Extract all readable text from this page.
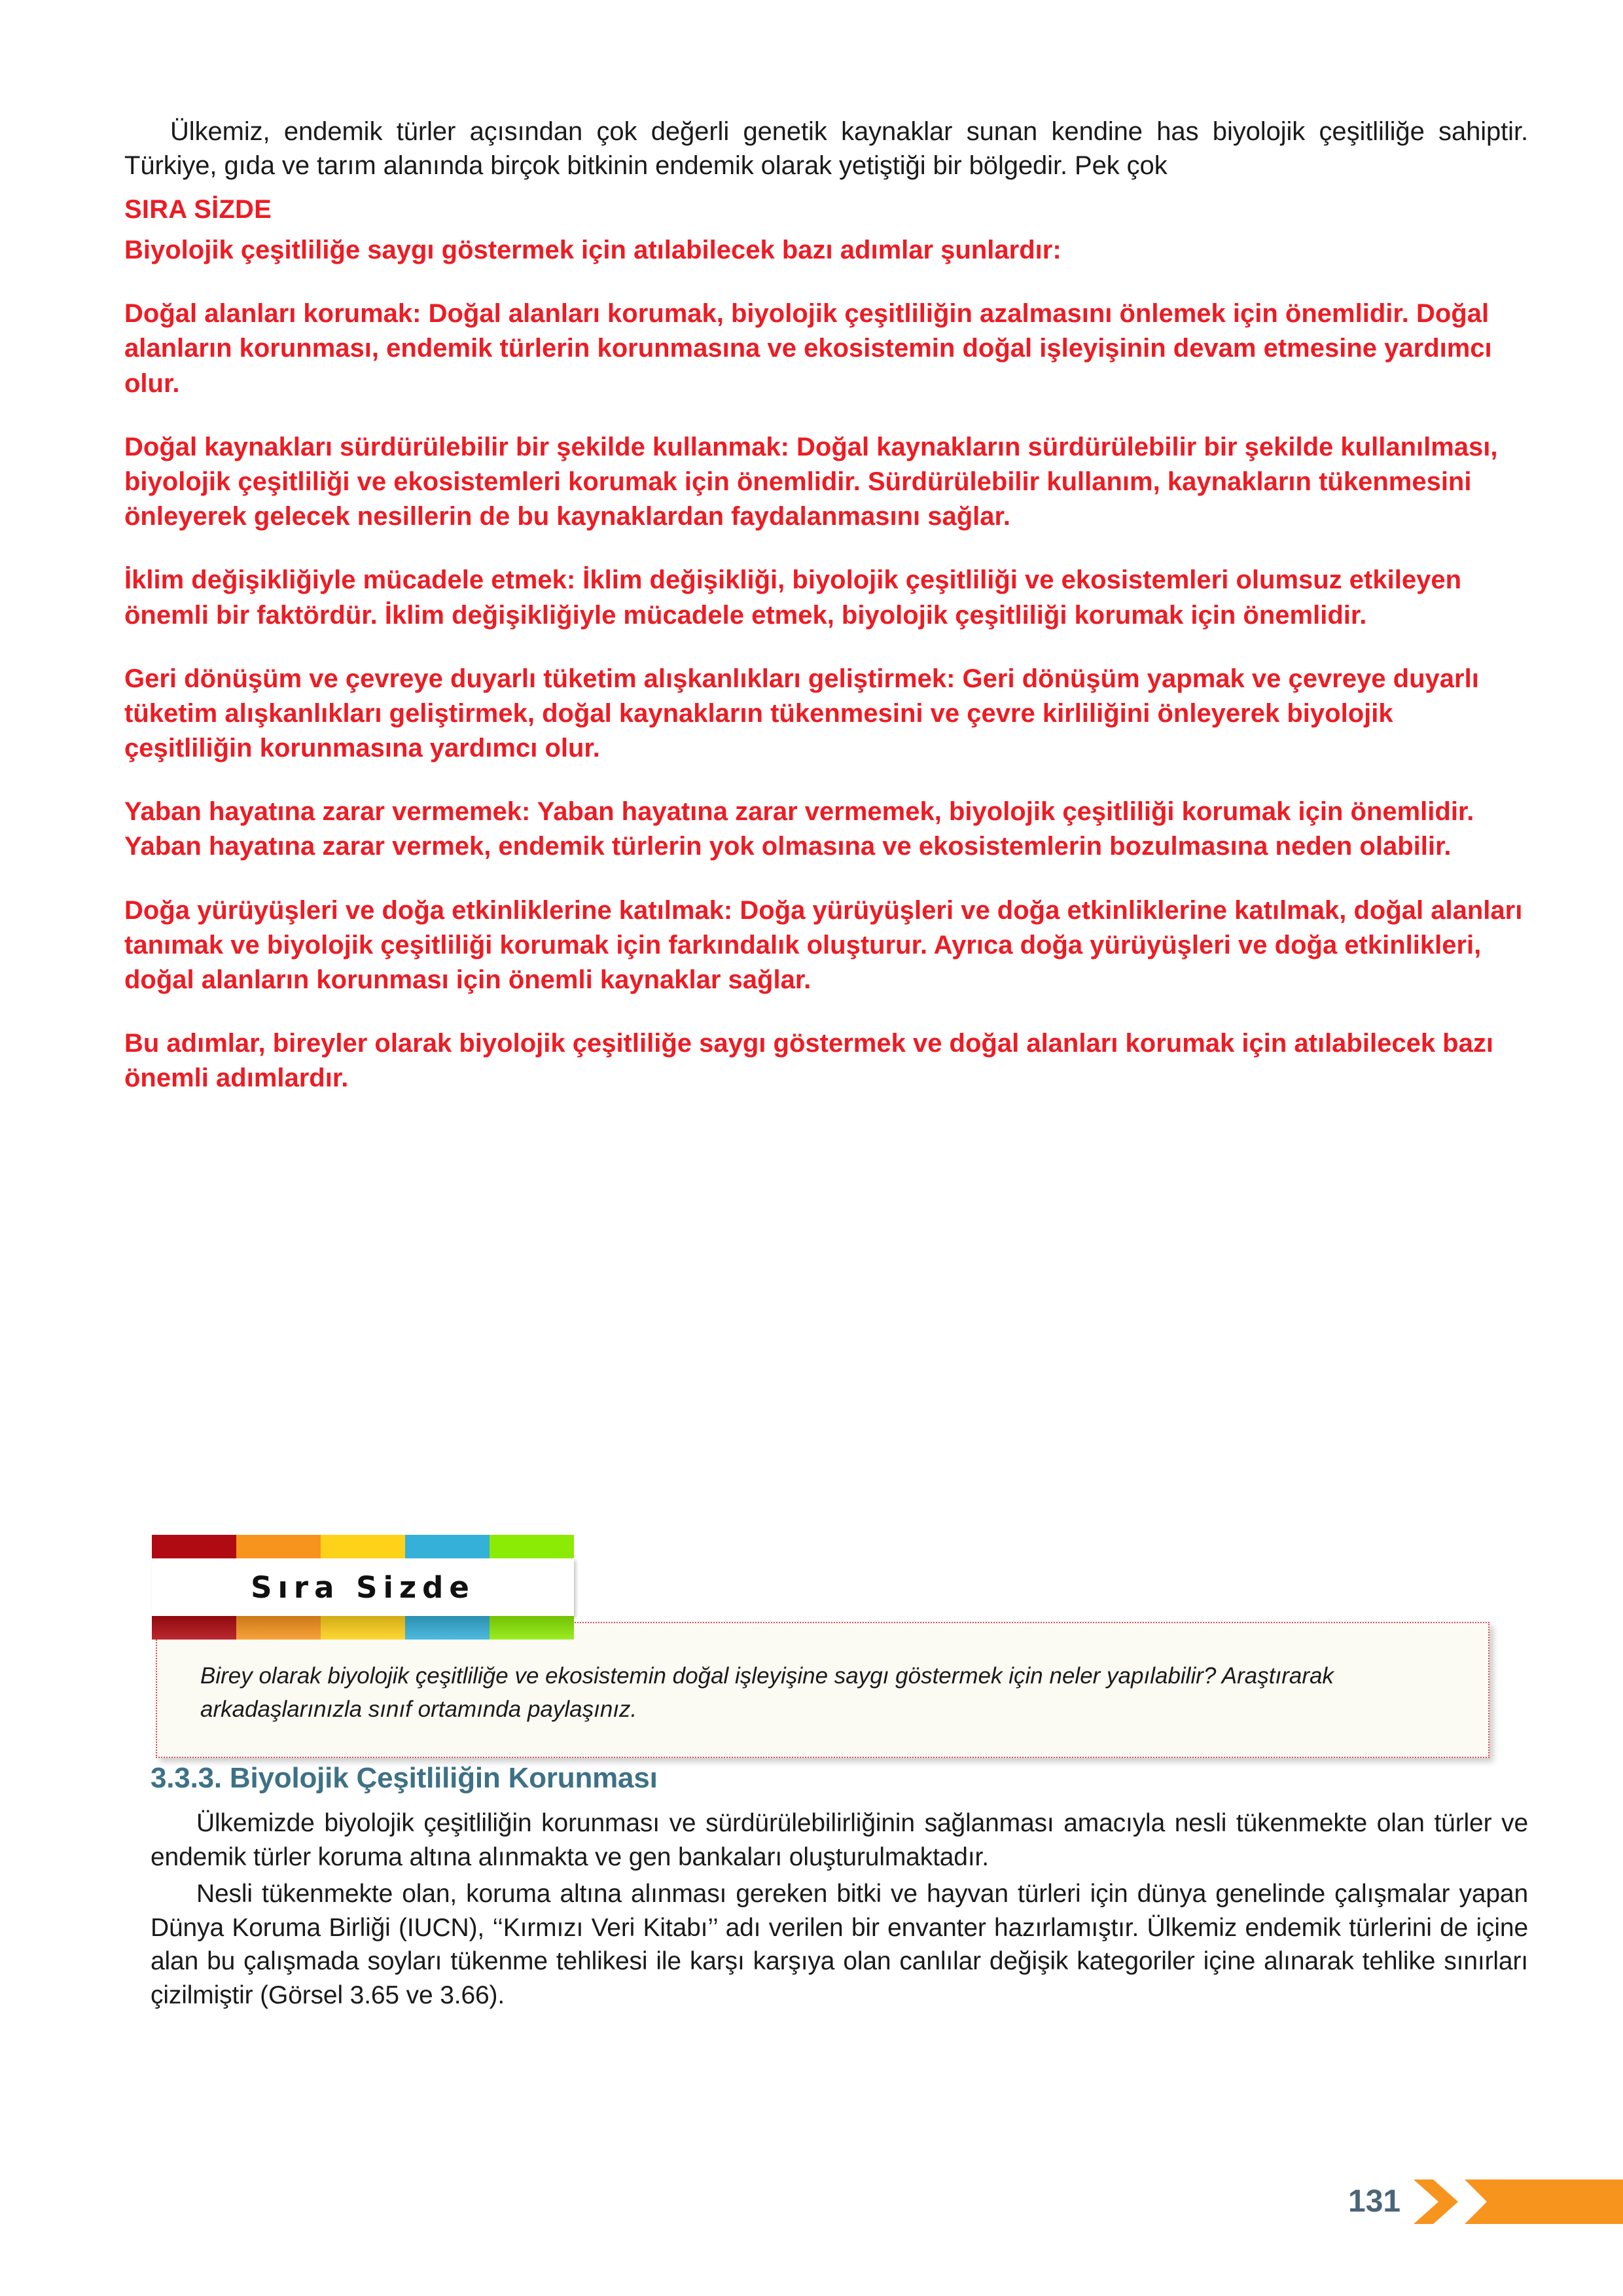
Ülkemiz, endemik türler açısından çok değerli genetik kaynaklar sunan kendine has biyolojik çeşitliliğe sahiptir. Türkiye, gıda ve tarım alanında birçok bitkinin endemik olarak yetiştiği bir bölgedir. Pek çok

SIRA SİZDE

Biyolojik çeşitliliğe saygı göstermek için atılabilecek bazı adımlar şunlardır:

Doğal alanları korumak: Doğal alanları korumak, biyolojik çeşitliliğin azalmasını önlemek için önemlidir. Doğal alanların korunması, endemik türlerin korunmasına ve ekosistemin doğal işleyişinin devam etmesine yardımcı olur.

Doğal kaynakları sürdürülebilir bir şekilde kullanmak: Doğal kaynakların sürdürülebilir bir şekilde kullanılması, biyolojik çeşitliliği ve ekosistemleri korumak için önemlidir. Sürdürülebilir kullanım, kaynakların tükenmesini önleyerek gelecek nesillerin de bu kaynaklardan faydalanmasını sağlar.

İklim değişikliğiyle mücadele etmek: İklim değişikliği, biyolojik çeşitliliği ve ekosistemleri olumsuz etkileyen önemli bir faktördür. İklim değişikliğiyle mücadele etmek, biyolojik çeşitliliği korumak için önemlidir.

Geri dönüşüm ve çevreye duyarlı tüketim alışkanlıkları geliştirmek: Geri dönüşüm yapmak ve çevreye duyarlı tüketim alışkanlıkları geliştirmek, doğal kaynakların tükenmesini ve çevre kirliliğini önleyerek biyolojik çeşitliliğin korunmasına yardımcı olur.

Yaban hayatına zarar vermemek: Yaban hayatına zarar vermemek, biyolojik çeşitliliği korumak için önemlidir. Yaban hayatına zarar vermek, endemik türlerin yok olmasına ve ekosistemlerin bozulmasına neden olabilir.

Doğa yürüyüşleri ve doğa etkinliklerine katılmak: Doğa yürüyüşleri ve doğa etkinliklerine katılmak, doğal alanları tanımak ve biyolojik çeşitliliği korumak için farkındalık oluşturur. Ayrıca doğa yürüyüşleri ve doğa etkinlikleri, doğal alanların korunması için önemli kaynaklar sağlar.

Bu adımlar, bireyler olarak biyolojik çeşitliliğe saygı göstermek ve doğal alanları korumak için atılabilecek bazı önemli adımlardır.

Sıra Sizde

Birey olarak biyolojik çeşitliliğe ve ekosistemin doğal işleyişine saygı göstermek için neler yapılabilir? Araştırarak arkadaşlarınızla sınıf ortamında paylaşınız.

3.3.3. Biyolojik Çeşitliliğin Korunması

Ülkemizde biyolojik çeşitliliğin korunması ve sürdürülebilirliğinin sağlanması amacıyla nesli tükenmekte olan türler ve endemik türler koruma altına alınmakta ve gen bankaları oluşturulmaktadır.

Nesli tükenmekte olan, koruma altına alınması gereken bitki ve hayvan türleri için dünya genelinde çalışmalar yapan Dünya Koruma Birliği (IUCN), ‘‘Kırmızı Veri Kitabı’’ adı verilen bir envanter hazırlamıştır. Ülkemiz endemik türlerini de içine alan bu çalışmada soyları tükenme tehlikesi ile karşı karşıya olan canlılar değişik kategoriler içine alınarak tehlike sınırları çizilmiştir (Görsel 3.65 ve 3.66).

131
